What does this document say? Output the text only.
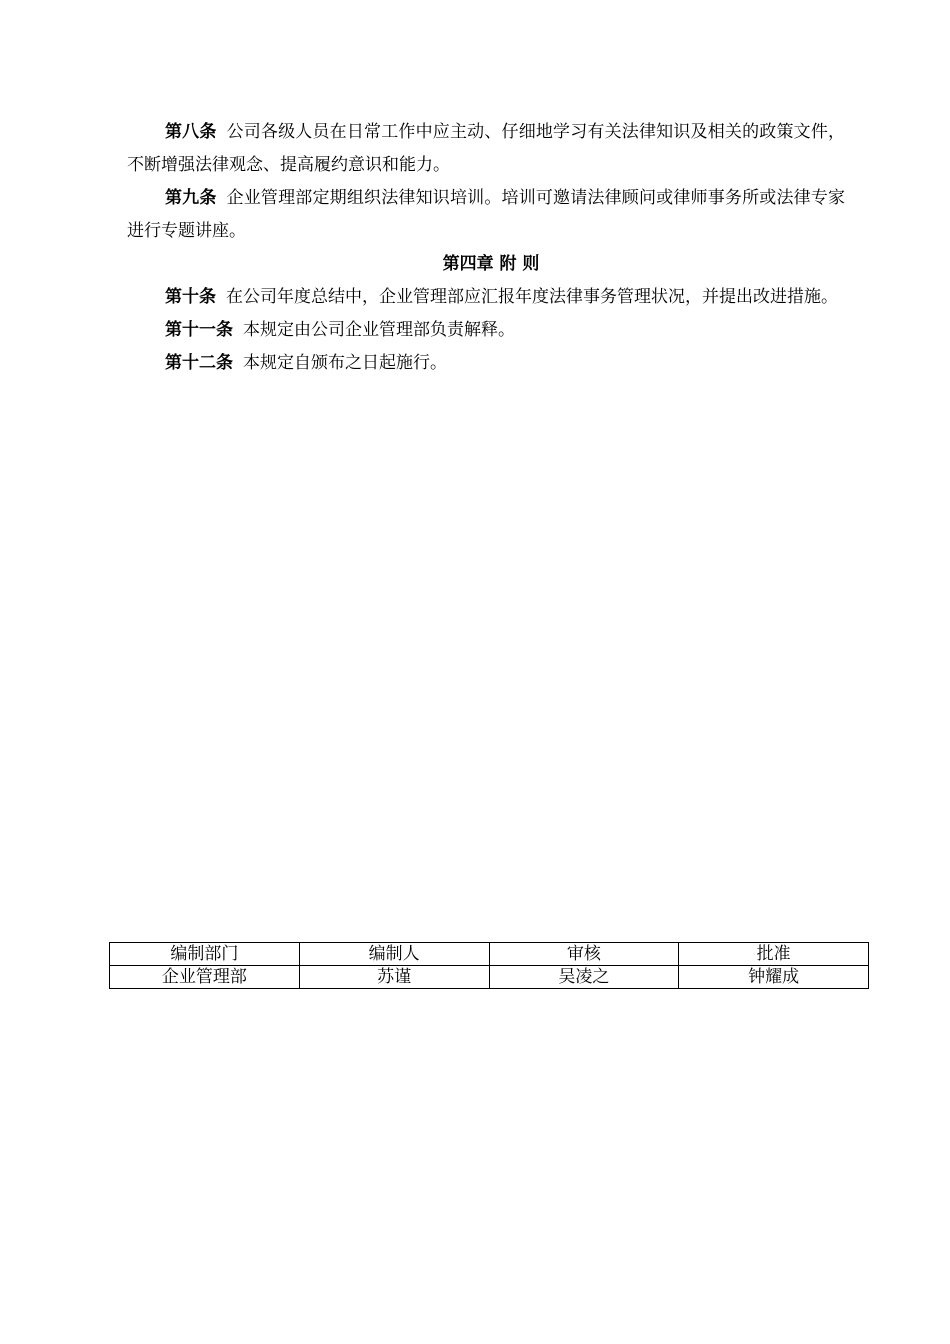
第八条 公司各级人员在日常工作中应主动、仔细地学习有关法律知识及相关的政策文件，不断增强法律观念、提高履约意识和能力。

第九条 企业管理部定期组织法律知识培训。培训可邀请法律顾问或律师事务所或法律专家进行专题讲座。

第四章 附 则

第十条 在公司年度总结中，企业管理部应汇报年度法律事务管理状况，并提出改进措施。

第十一条 本规定由公司企业管理部负责解释。

第十二条 本规定自颁布之日起施行。

编制部门	编制人	审核	批准
企业管理部	苏谨	吴凌之	钟耀成
